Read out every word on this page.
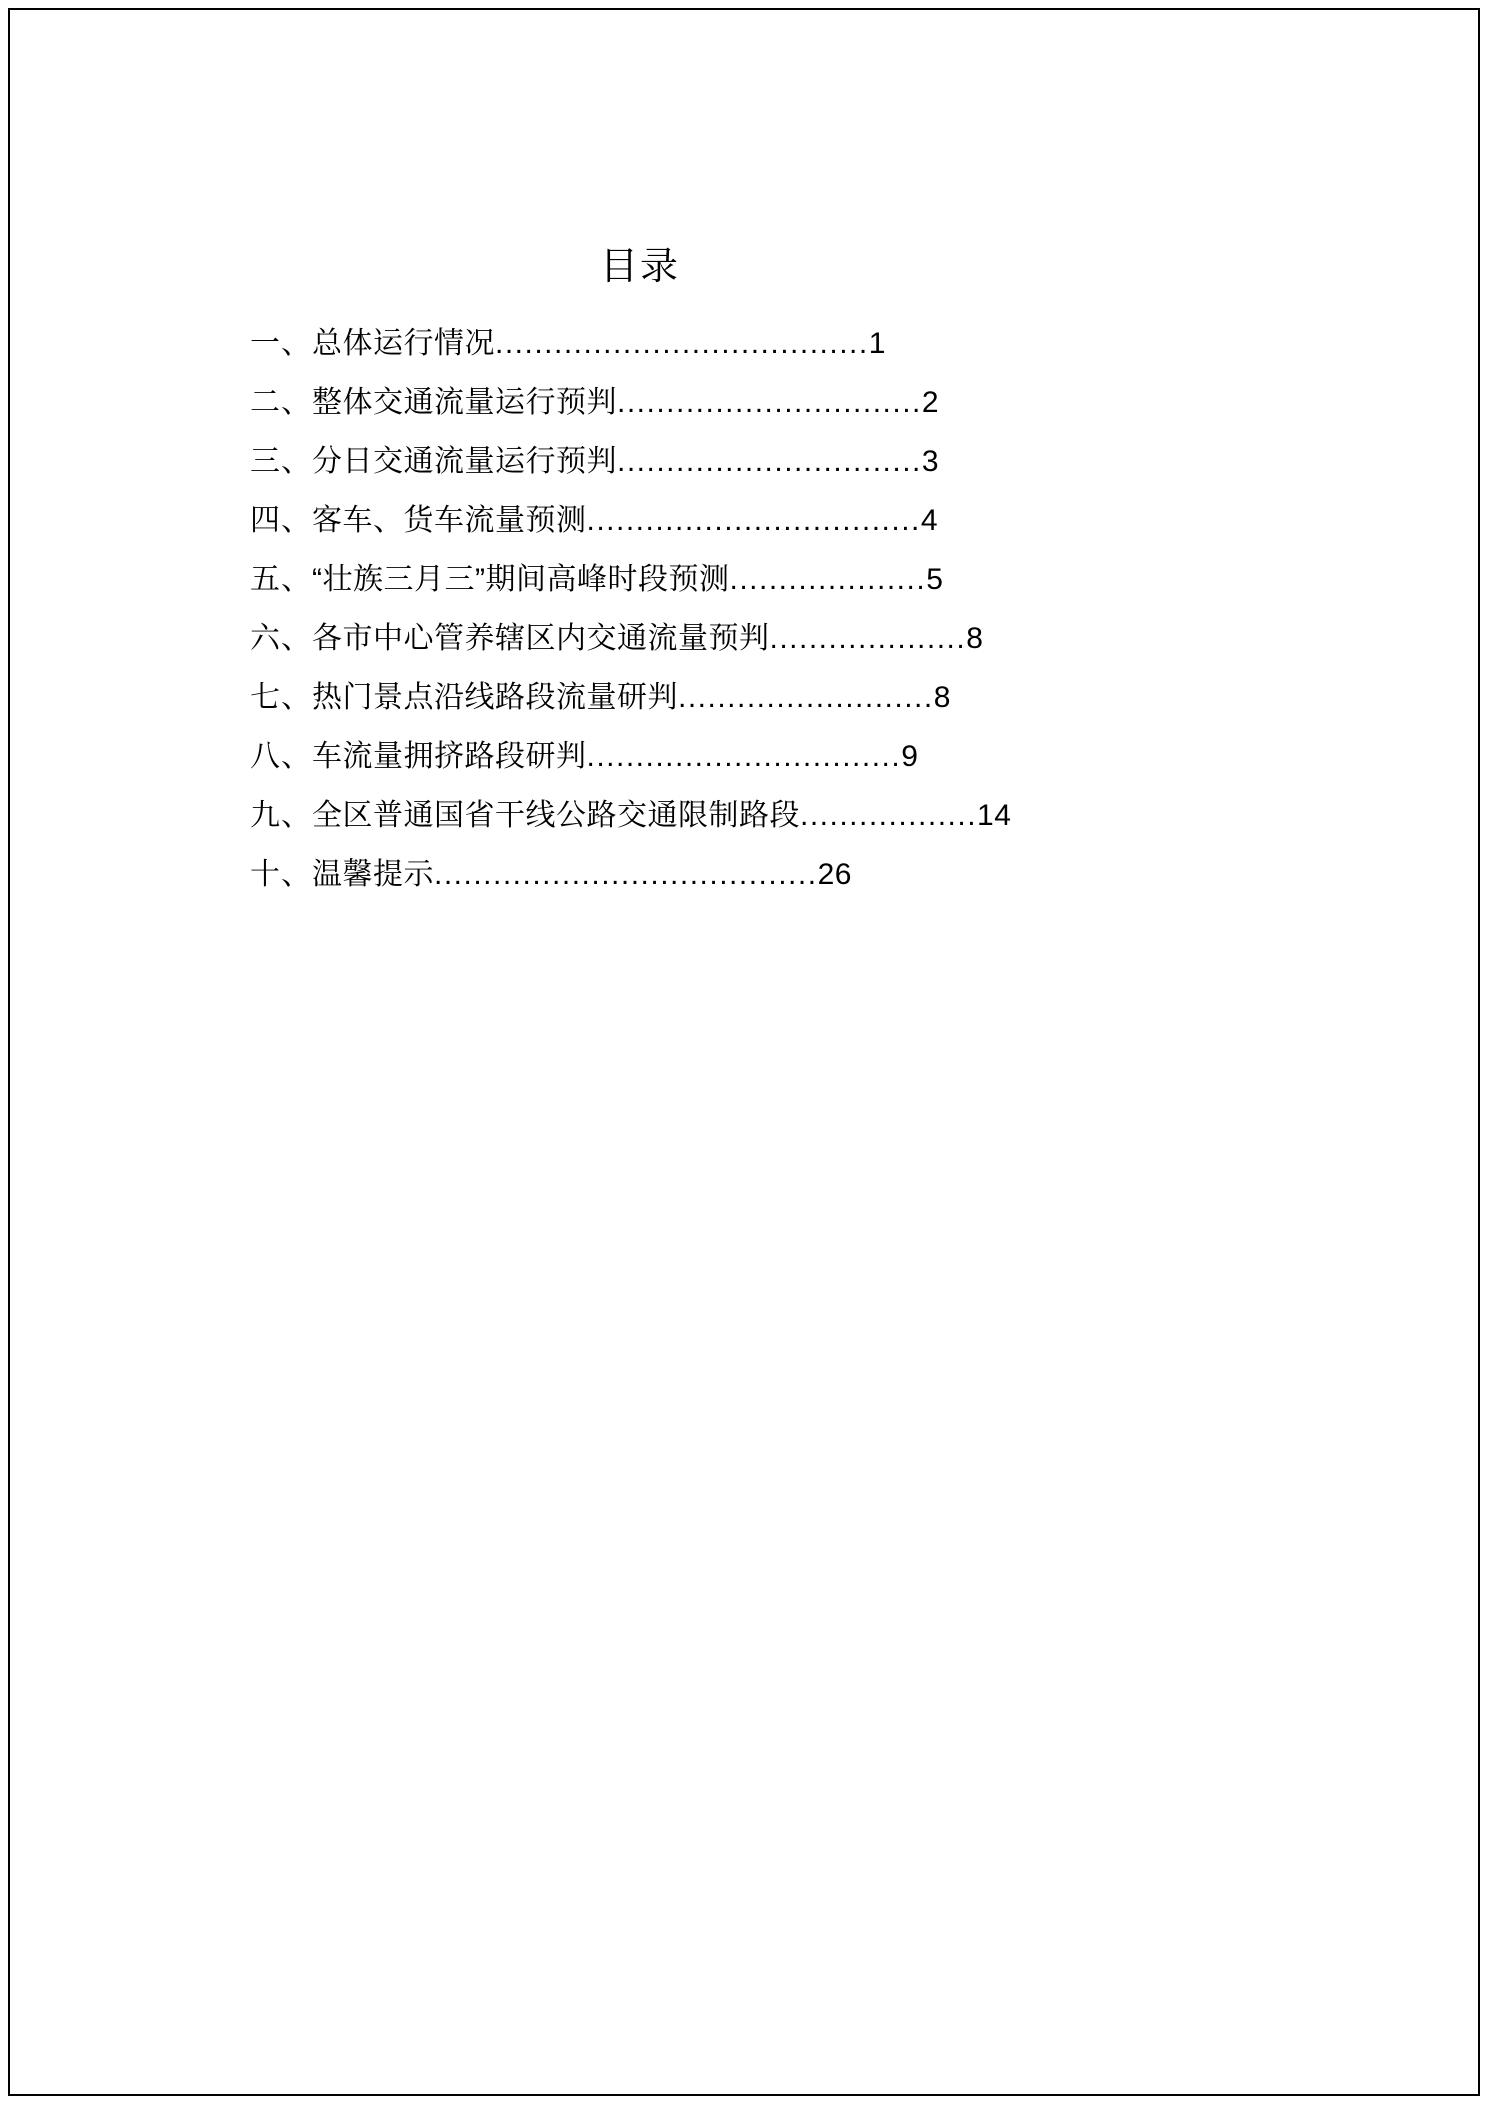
目录
一、 总体运行情况 ...................................... 1
二、 整体交通流量运行预判 ............................... 2
三、 分日交通流量运行预判 ............................... 3
四、 客车、货车流量预测 .................................. 4
五、 “壮族三月三”期间高峰时段预测 .................... 5
六、 各市中心管养辖区内交通流量预判 .................... 8
七、 热门景点沿线路段流量研判 .......................... 8
八、 车流量拥挤路段研判 ................................ 9
九、 全区普通国省干线公路交通限制路段 .................. 14
十、 温馨提示 ....................................... 26
